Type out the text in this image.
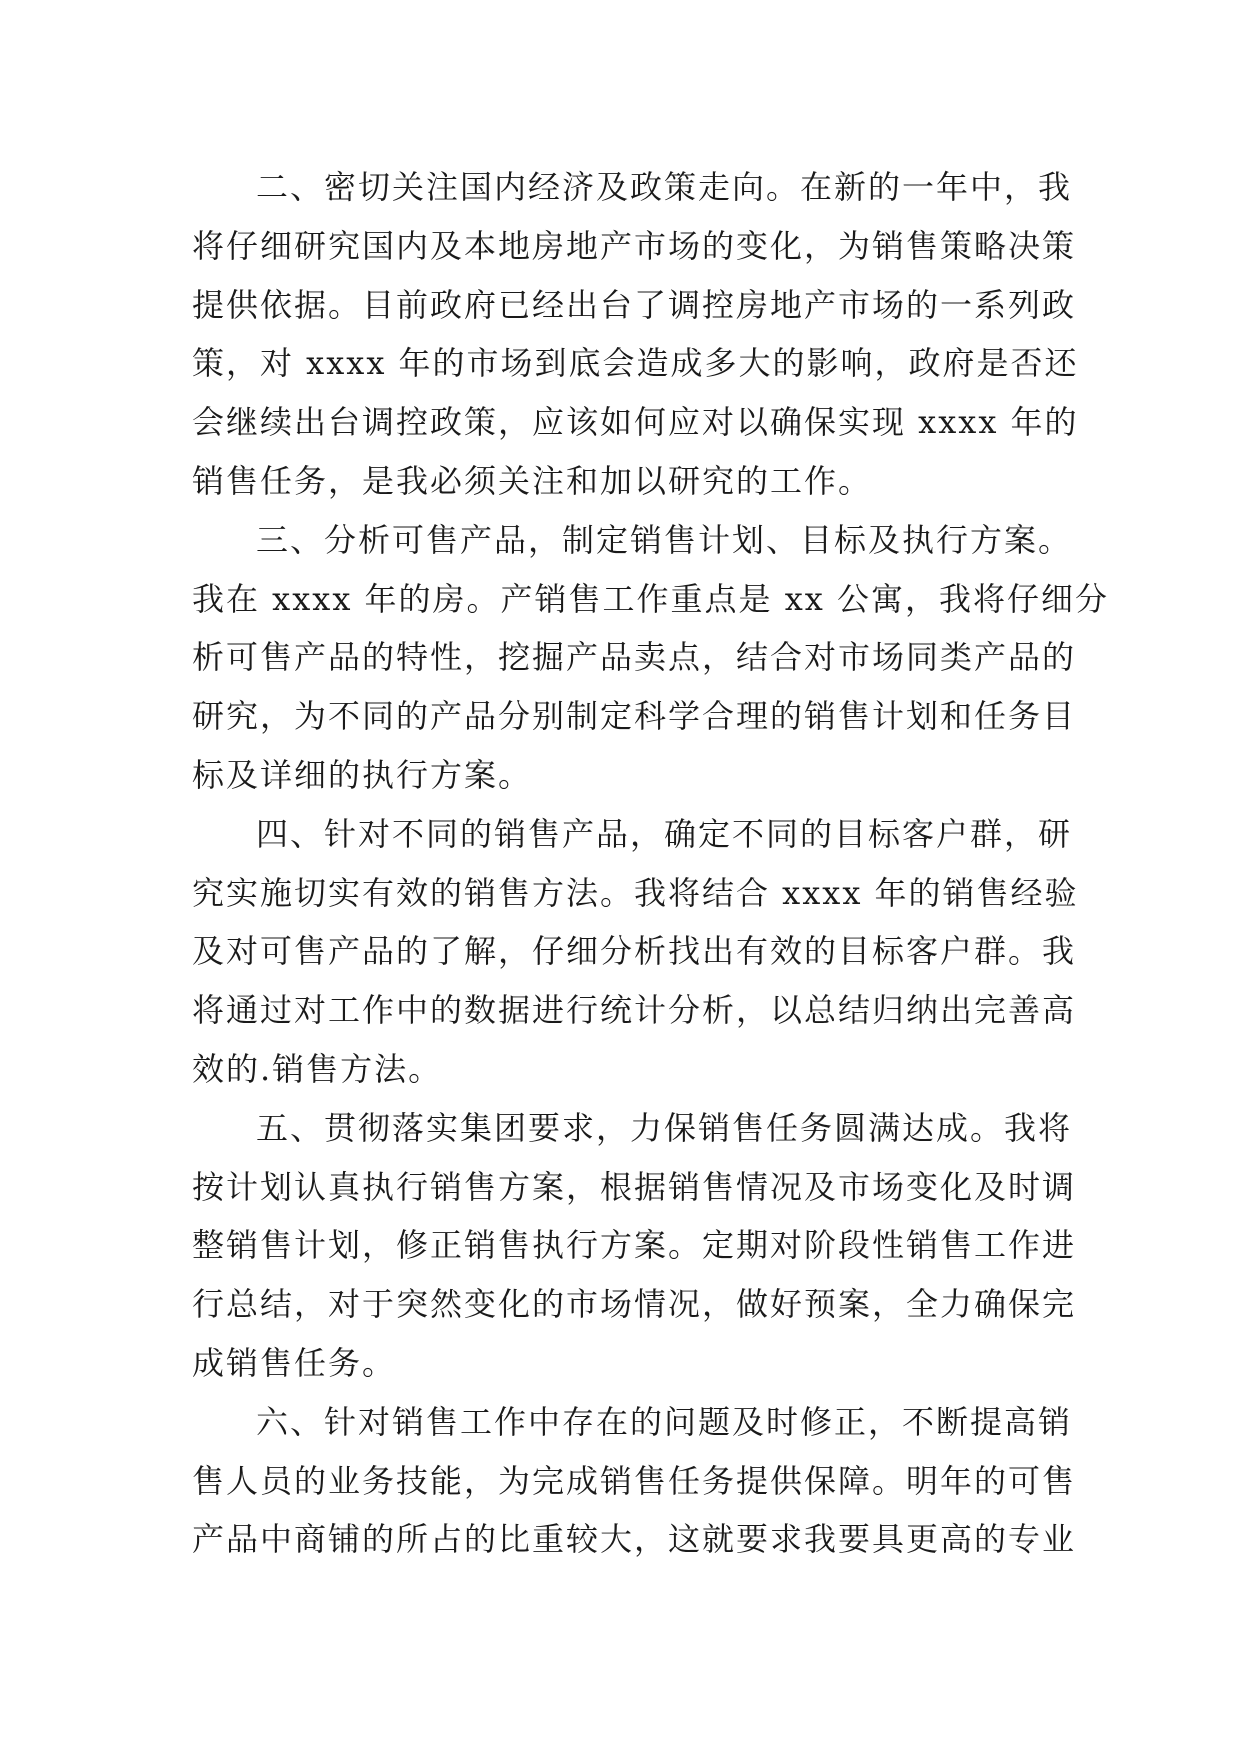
二、密切关注国内经济及政策走向。在新的一年中，我
将仔细研究国内及本地房地产市场的变化，为销售策略决策
提供依据。目前政府已经出台了调控房地产市场的一系列政
策，对 xxxx 年的市场到底会造成多大的影响，政府是否还
会继续出台调控政策，应该如何应对以确保实现 xxxx 年的
销售任务，是我必须关注和加以研究的工作。
三、分析可售产品，制定销售计划、目标及执行方案。
我在 xxxx 年的房。产销售工作重点是 xx 公寓，我将仔细分
析可售产品的特性，挖掘产品卖点，结合对市场同类产品的
研究，为不同的产品分别制定科学合理的销售计划和任务目
标及详细的执行方案。
四、针对不同的销售产品，确定不同的目标客户群，研
究实施切实有效的销售方法。我将结合 xxxx 年的销售经验
及对可售产品的了解，仔细分析找出有效的目标客户群。我
将通过对工作中的数据进行统计分析，以总结归纳出完善高
效的.销售方法。
五、贯彻落实集团要求，力保销售任务圆满达成。我将
按计划认真执行销售方案，根据销售情况及市场变化及时调
整销售计划，修正销售执行方案。定期对阶段性销售工作进
行总结，对于突然变化的市场情况，做好预案，全力确保完
成销售任务。
六、针对销售工作中存在的问题及时修正，不断提高销
售人员的业务技能，为完成销售任务提供保障。明年的可售
产品中商铺的所占的比重较大，这就要求我要具更高的专业
